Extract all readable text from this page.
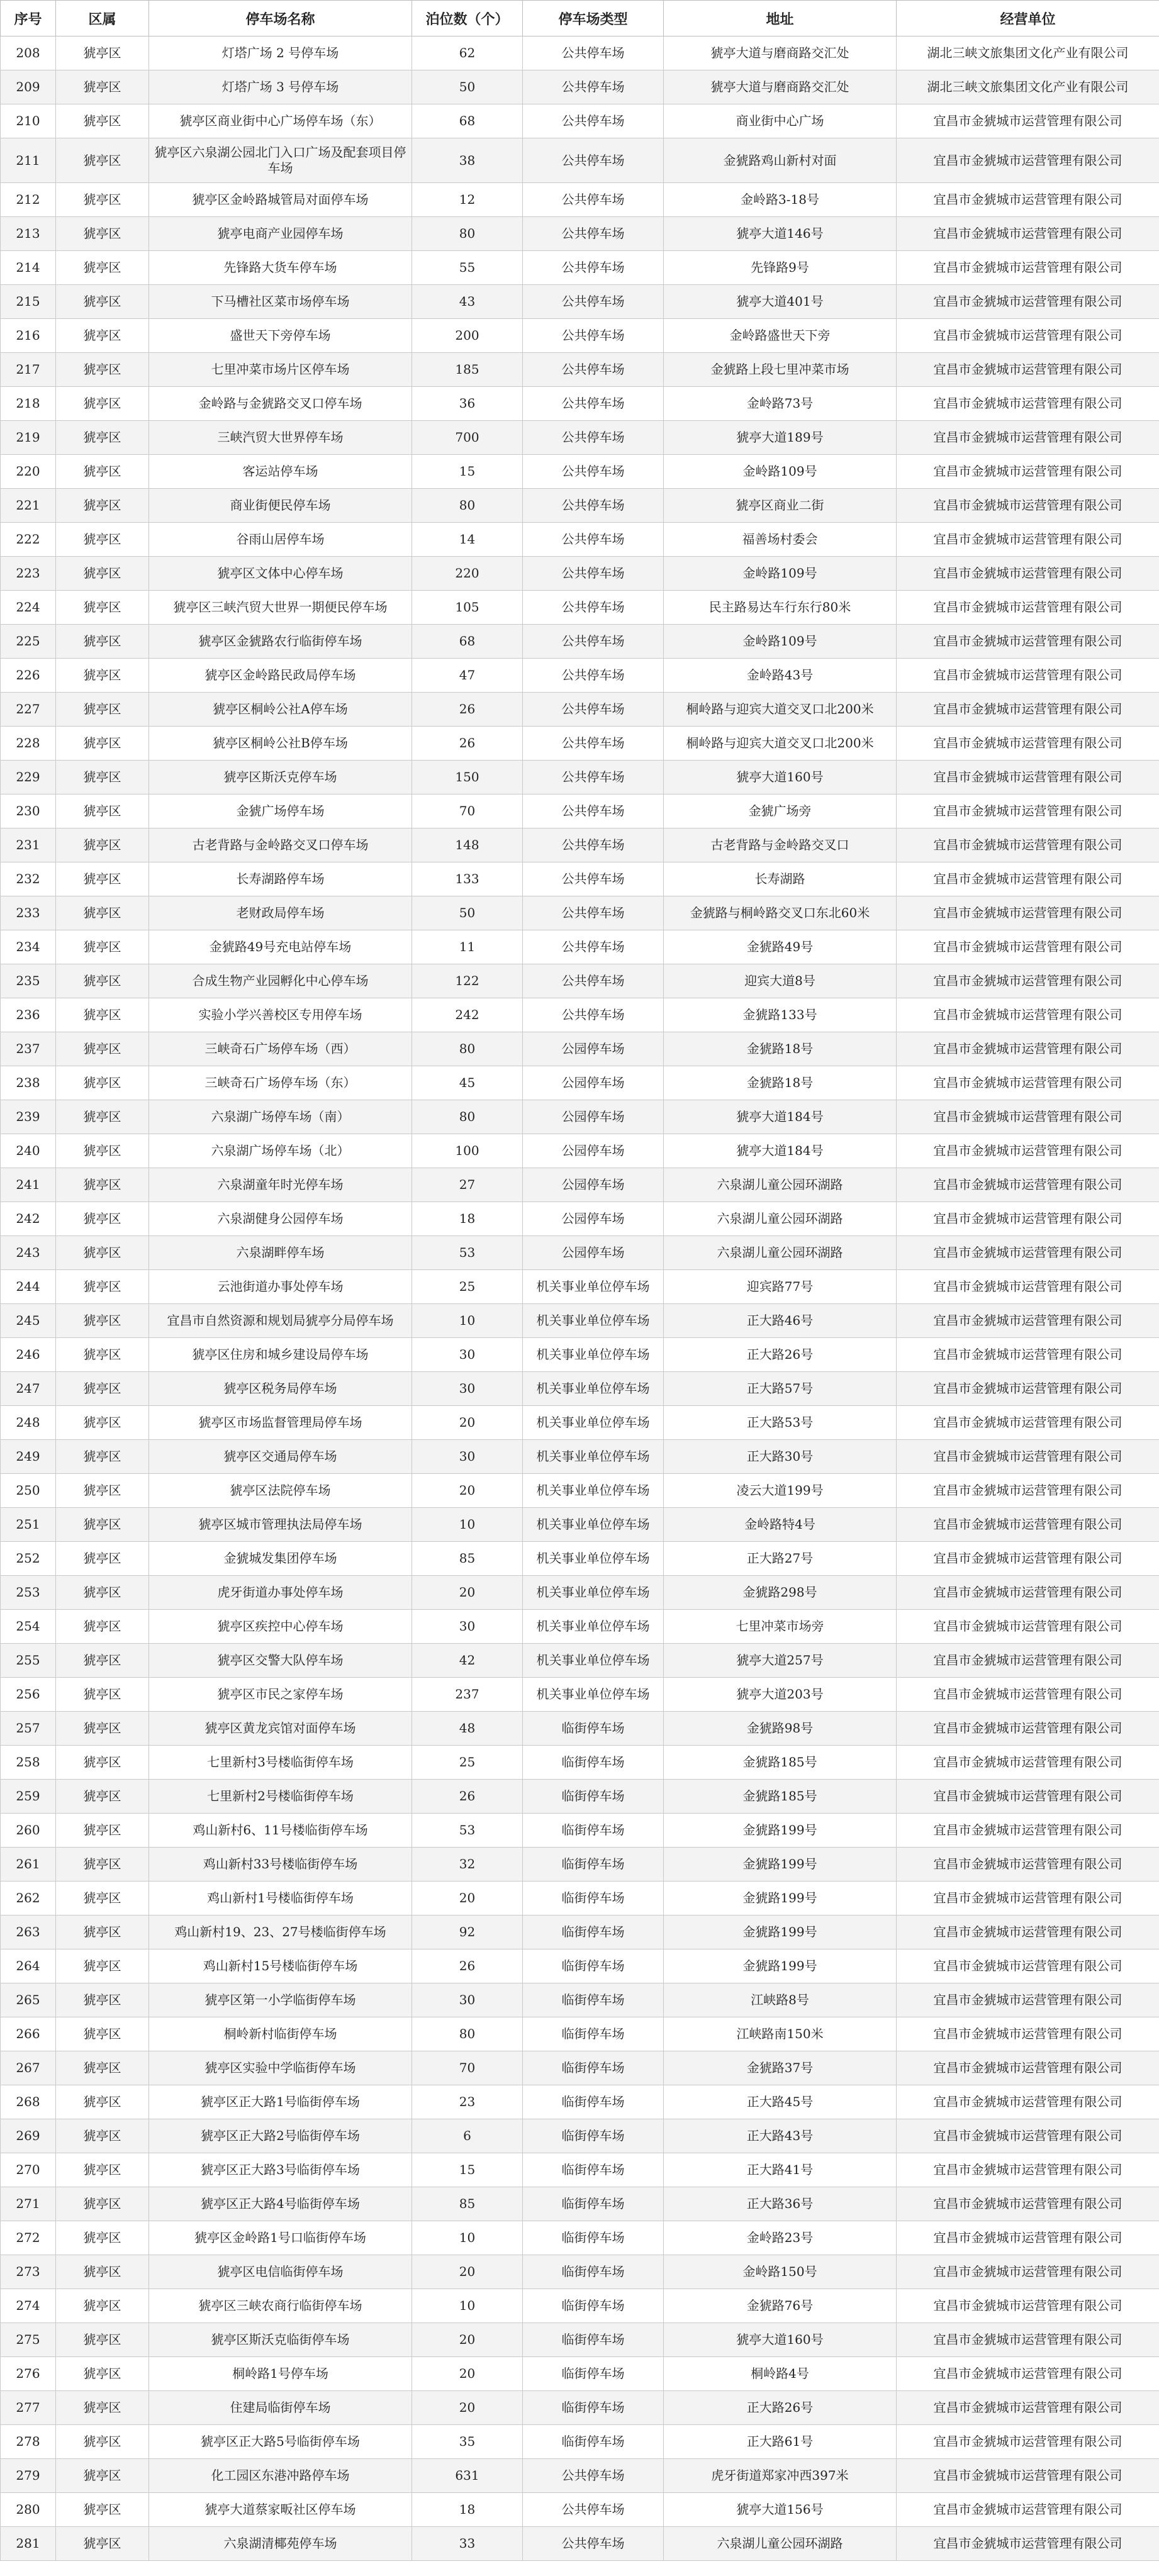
序号	区属	停车场名称	泊位数（个）	停车场类型	地址	经营单位
208	猇亭区	灯塔广场 2 号停车场	62	公共停车场	猇亭大道与磨商路交汇处	湖北三峡文旅集团文化产业有限公司
209	猇亭区	灯塔广场 3 号停车场	50	公共停车场	猇亭大道与磨商路交汇处	湖北三峡文旅集团文化产业有限公司
210	猇亭区	猇亭区商业街中心广场停车场（东）	68	公共停车场	商业街中心广场	宜昌市金猇城市运营管理有限公司
211	猇亭区	猇亭区六泉湖公园北门入口广场及配套项目停车场	38	公共停车场	金猇路鸡山新村对面	宜昌市金猇城市运营管理有限公司
212	猇亭区	猇亭区金岭路城管局对面停车场	12	公共停车场	金岭路3-18号	宜昌市金猇城市运营管理有限公司
213	猇亭区	猇亭电商产业园停车场	80	公共停车场	猇亭大道146号	宜昌市金猇城市运营管理有限公司
214	猇亭区	先锋路大货车停车场	55	公共停车场	先锋路9号	宜昌市金猇城市运营管理有限公司
215	猇亭区	下马槽社区菜市场停车场	43	公共停车场	猇亭大道401号	宜昌市金猇城市运营管理有限公司
216	猇亭区	盛世天下旁停车场	200	公共停车场	金岭路盛世天下旁	宜昌市金猇城市运营管理有限公司
217	猇亭区	七里冲菜市场片区停车场	185	公共停车场	金猇路上段七里冲菜市场	宜昌市金猇城市运营管理有限公司
218	猇亭区	金岭路与金猇路交叉口停车场	36	公共停车场	金岭路73号	宜昌市金猇城市运营管理有限公司
219	猇亭区	三峡汽贸大世界停车场	700	公共停车场	猇亭大道189号	宜昌市金猇城市运营管理有限公司
220	猇亭区	客运站停车场	15	公共停车场	金岭路109号	宜昌市金猇城市运营管理有限公司
221	猇亭区	商业街便民停车场	80	公共停车场	猇亭区商业二街	宜昌市金猇城市运营管理有限公司
222	猇亭区	谷雨山居停车场	14	公共停车场	福善场村委会	宜昌市金猇城市运营管理有限公司
223	猇亭区	猇亭区文体中心停车场	220	公共停车场	金岭路109号	宜昌市金猇城市运营管理有限公司
224	猇亭区	猇亭区三峡汽贸大世界一期便民停车场	105	公共停车场	民主路易达车行东行80米	宜昌市金猇城市运营管理有限公司
225	猇亭区	猇亭区金猇路农行临街停车场	68	公共停车场	金岭路109号	宜昌市金猇城市运营管理有限公司
226	猇亭区	猇亭区金岭路民政局停车场	47	公共停车场	金岭路43号	宜昌市金猇城市运营管理有限公司
227	猇亭区	猇亭区桐岭公社A停车场	26	公共停车场	桐岭路与迎宾大道交叉口北200米	宜昌市金猇城市运营管理有限公司
228	猇亭区	猇亭区桐岭公社B停车场	26	公共停车场	桐岭路与迎宾大道交叉口北200米	宜昌市金猇城市运营管理有限公司
229	猇亭区	猇亭区斯沃克停车场	150	公共停车场	猇亭大道160号	宜昌市金猇城市运营管理有限公司
230	猇亭区	金猇广场停车场	70	公共停车场	金猇广场旁	宜昌市金猇城市运营管理有限公司
231	猇亭区	古老背路与金岭路交叉口停车场	148	公共停车场	古老背路与金岭路交叉口	宜昌市金猇城市运营管理有限公司
232	猇亭区	长寿湖路停车场	133	公共停车场	长寿湖路	宜昌市金猇城市运营管理有限公司
233	猇亭区	老财政局停车场	50	公共停车场	金猇路与桐岭路交叉口东北60米	宜昌市金猇城市运营管理有限公司
234	猇亭区	金猇路49号充电站停车场	11	公共停车场	金猇路49号	宜昌市金猇城市运营管理有限公司
235	猇亭区	合成生物产业园孵化中心停车场	122	公共停车场	迎宾大道8号	宜昌市金猇城市运营管理有限公司
236	猇亭区	实验小学兴善校区专用停车场	242	公共停车场	金猇路133号	宜昌市金猇城市运营管理有限公司
237	猇亭区	三峡奇石广场停车场（西）	80	公园停车场	金猇路18号	宜昌市金猇城市运营管理有限公司
238	猇亭区	三峡奇石广场停车场（东）	45	公园停车场	金猇路18号	宜昌市金猇城市运营管理有限公司
239	猇亭区	六泉湖广场停车场（南）	80	公园停车场	猇亭大道184号	宜昌市金猇城市运营管理有限公司
240	猇亭区	六泉湖广场停车场（北）	100	公园停车场	猇亭大道184号	宜昌市金猇城市运营管理有限公司
241	猇亭区	六泉湖童年时光停车场	27	公园停车场	六泉湖儿童公园环湖路	宜昌市金猇城市运营管理有限公司
242	猇亭区	六泉湖健身公园停车场	18	公园停车场	六泉湖儿童公园环湖路	宜昌市金猇城市运营管理有限公司
243	猇亭区	六泉湖畔停车场	53	公园停车场	六泉湖儿童公园环湖路	宜昌市金猇城市运营管理有限公司
244	猇亭区	云池街道办事处停车场	25	机关事业单位停车场	迎宾路77号	宜昌市金猇城市运营管理有限公司
245	猇亭区	宜昌市自然资源和规划局猇亭分局停车场	10	机关事业单位停车场	正大路46号	宜昌市金猇城市运营管理有限公司
246	猇亭区	猇亭区住房和城乡建设局停车场	30	机关事业单位停车场	正大路26号	宜昌市金猇城市运营管理有限公司
247	猇亭区	猇亭区税务局停车场	30	机关事业单位停车场	正大路57号	宜昌市金猇城市运营管理有限公司
248	猇亭区	猇亭区市场监督管理局停车场	20	机关事业单位停车场	正大路53号	宜昌市金猇城市运营管理有限公司
249	猇亭区	猇亭区交通局停车场	30	机关事业单位停车场	正大路30号	宜昌市金猇城市运营管理有限公司
250	猇亭区	猇亭区法院停车场	20	机关事业单位停车场	凌云大道199号	宜昌市金猇城市运营管理有限公司
251	猇亭区	猇亭区城市管理执法局停车场	10	机关事业单位停车场	金岭路特4号	宜昌市金猇城市运营管理有限公司
252	猇亭区	金猇城发集团停车场	85	机关事业单位停车场	正大路27号	宜昌市金猇城市运营管理有限公司
253	猇亭区	虎牙街道办事处停车场	20	机关事业单位停车场	金猇路298号	宜昌市金猇城市运营管理有限公司
254	猇亭区	猇亭区疾控中心停车场	30	机关事业单位停车场	七里冲菜市场旁	宜昌市金猇城市运营管理有限公司
255	猇亭区	猇亭区交警大队停车场	42	机关事业单位停车场	猇亭大道257号	宜昌市金猇城市运营管理有限公司
256	猇亭区	猇亭区市民之家停车场	237	机关事业单位停车场	猇亭大道203号	宜昌市金猇城市运营管理有限公司
257	猇亭区	猇亭区黄龙宾馆对面停车场	48	临街停车场	金猇路98号	宜昌市金猇城市运营管理有限公司
258	猇亭区	七里新村3号楼临街停车场	25	临街停车场	金猇路185号	宜昌市金猇城市运营管理有限公司
259	猇亭区	七里新村2号楼临街停车场	26	临街停车场	金猇路185号	宜昌市金猇城市运营管理有限公司
260	猇亭区	鸡山新村6、11号楼临街停车场	53	临街停车场	金猇路199号	宜昌市金猇城市运营管理有限公司
261	猇亭区	鸡山新村33号楼临街停车场	32	临街停车场	金猇路199号	宜昌市金猇城市运营管理有限公司
262	猇亭区	鸡山新村1号楼临街停车场	20	临街停车场	金猇路199号	宜昌市金猇城市运营管理有限公司
263	猇亭区	鸡山新村19、23、27号楼临街停车场	92	临街停车场	金猇路199号	宜昌市金猇城市运营管理有限公司
264	猇亭区	鸡山新村15号楼临街停车场	26	临街停车场	金猇路199号	宜昌市金猇城市运营管理有限公司
265	猇亭区	猇亭区第一小学临街停车场	30	临街停车场	江峡路8号	宜昌市金猇城市运营管理有限公司
266	猇亭区	桐岭新村临街停车场	80	临街停车场	江峡路南150米	宜昌市金猇城市运营管理有限公司
267	猇亭区	猇亭区实验中学临街停车场	70	临街停车场	金猇路37号	宜昌市金猇城市运营管理有限公司
268	猇亭区	猇亭区正大路1号临街停车场	23	临街停车场	正大路45号	宜昌市金猇城市运营管理有限公司
269	猇亭区	猇亭区正大路2号临街停车场	6	临街停车场	正大路43号	宜昌市金猇城市运营管理有限公司
270	猇亭区	猇亭区正大路3号临街停车场	15	临街停车场	正大路41号	宜昌市金猇城市运营管理有限公司
271	猇亭区	猇亭区正大路4号临街停车场	85	临街停车场	正大路36号	宜昌市金猇城市运营管理有限公司
272	猇亭区	猇亭区金岭路1号口临街停车场	10	临街停车场	金岭路23号	宜昌市金猇城市运营管理有限公司
273	猇亭区	猇亭区电信临街停车场	20	临街停车场	金岭路150号	宜昌市金猇城市运营管理有限公司
274	猇亭区	猇亭区三峡农商行临街停车场	10	临街停车场	金猇路76号	宜昌市金猇城市运营管理有限公司
275	猇亭区	猇亭区斯沃克临街停车场	20	临街停车场	猇亭大道160号	宜昌市金猇城市运营管理有限公司
276	猇亭区	桐岭路1号停车场	20	临街停车场	桐岭路4号	宜昌市金猇城市运营管理有限公司
277	猇亭区	住建局临街停车场	20	临街停车场	正大路26号	宜昌市金猇城市运营管理有限公司
278	猇亭区	猇亭区正大路5号临街停车场	35	临街停车场	正大路61号	宜昌市金猇城市运营管理有限公司
279	猇亭区	化工园区东港冲路停车场	631	公共停车场	虎牙街道郑家冲西397米	宜昌市金猇城市运营管理有限公司
280	猇亭区	猇亭大道蔡家畈社区停车场	18	公共停车场	猇亭大道156号	宜昌市金猇城市运营管理有限公司
281	猇亭区	六泉湖清椰苑停车场	33	公共停车场	六泉湖儿童公园环湖路	宜昌市金猇城市运营管理有限公司
